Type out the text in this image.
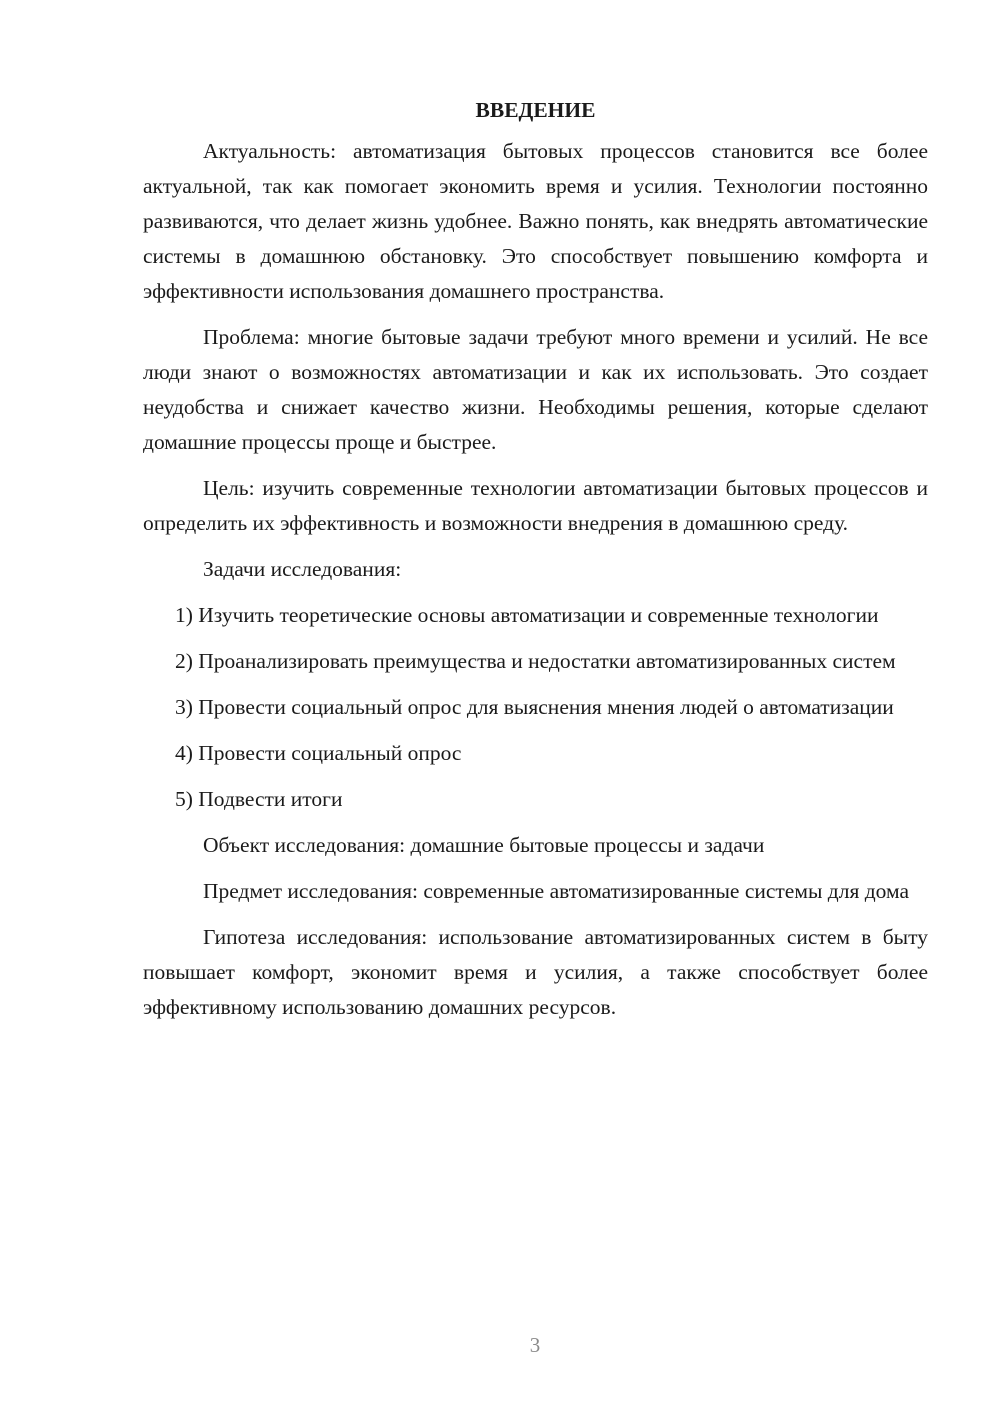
ВВЕДЕНИЕ

Актуальность: автоматизация бытовых процессов становится все более актуальной, так как помогает экономить время и усилия. Технологии постоянно развиваются, что делает жизнь удобнее. Важно понять, как внедрять автоматические системы в домашнюю обстановку. Это способствует повышению комфорта и эффективности использования домашнего пространства.

Проблема: многие бытовые задачи требуют много времени и усилий. Не все люди знают о возможностях автоматизации и как их использовать. Это создает неудобства и снижает качество жизни. Необходимы решения, которые сделают домашние процессы проще и быстрее.

Цель: изучить современные технологии автоматизации бытовых процессов и определить их эффективность и возможности внедрения в домашнюю среду.

Задачи исследования:

1) Изучить теоретические основы автоматизации и современные технологии

2) Проанализировать преимущества и недостатки автоматизированных систем

3) Провести социальный опрос для выяснения мнения людей о автоматизации

4) Провести социальный опрос

5) Подвести итоги

Объект исследования: домашние бытовые процессы и задачи

Предмет исследования: современные автоматизированные системы для дома

Гипотеза исследования: использование автоматизированных систем в быту повышает комфорт, экономит время и усилия, а также способствует более эффективному использованию домашних ресурсов.

3
